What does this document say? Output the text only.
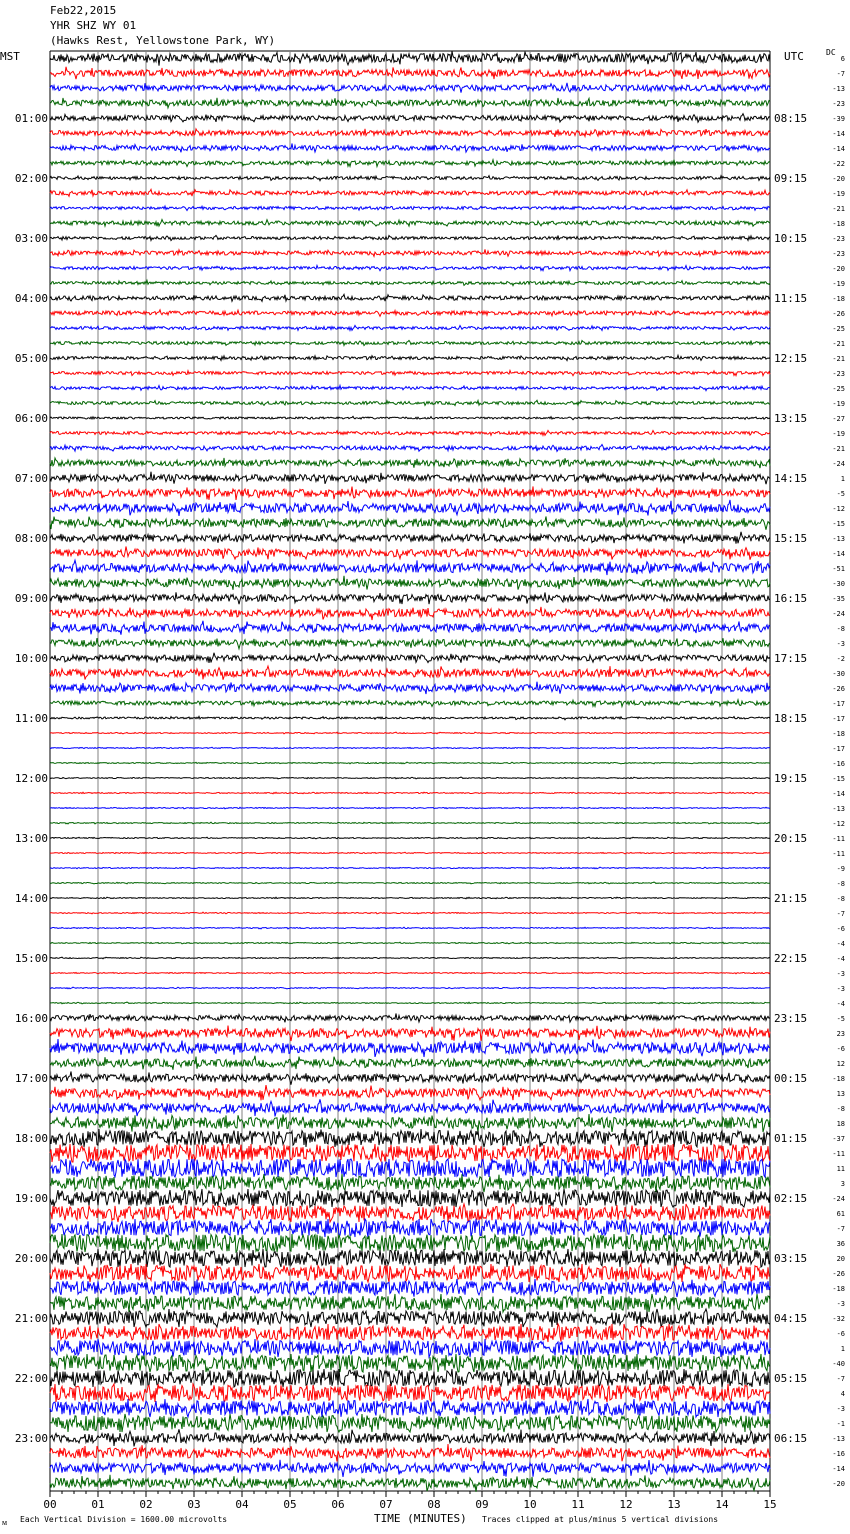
Feb22,2015
YHR SHZ WY 01
(Hawks Rest, Yellowstone Park, WY)
MST	UTC	DC
00	01	02	03	04	05	06	07	08	09	10	11	12	13	14	15
01:00
02:00
03:00
04:00
05:00
06:00
07:00
08:00
09:00
10:00
11:00
12:00
13:00
14:00
15:00
16:00
17:00
18:00
19:00
20:00
21:00
22:00
23:00
08:15
09:15
10:15
11:15
12:15
13:15
14:15
15:15
16:15
17:15
18:15
19:15
20:15
21:15
22:15
23:15
00:15
01:15
02:15
03:15
04:15
05:15
06:15
6
-7
-13
-23
-39
-14
-14
-22
-20
-19
-21
-18
-23
-23
-20
-19
-18
-26
-25
-21
-21
-23
-25
-19
-27
-19
-21
-24
1
-5
-12
-15
-13
-14
-51
-30
-35
-24
-8
-3
-2
-30
-26
-17
-17
-18
-17
-16
-15
-14
-13
-12
-11
-11
-9
-8
-8
-7
-6
-4
-4
-3
-3
-4
-5
23
-6
12
-18
13
-8
18
-37
-11
11
3
-24
61
-7
36
20
-26
-18
-3
-32
-6
1
-40
-7
4
-3
-1
-13
-16
-14
-20
TIME (MINUTES)
Each Vertical Division = 1600.00 microvolts	Traces clipped at plus/minus 5 vertical divisions
ᴍ
